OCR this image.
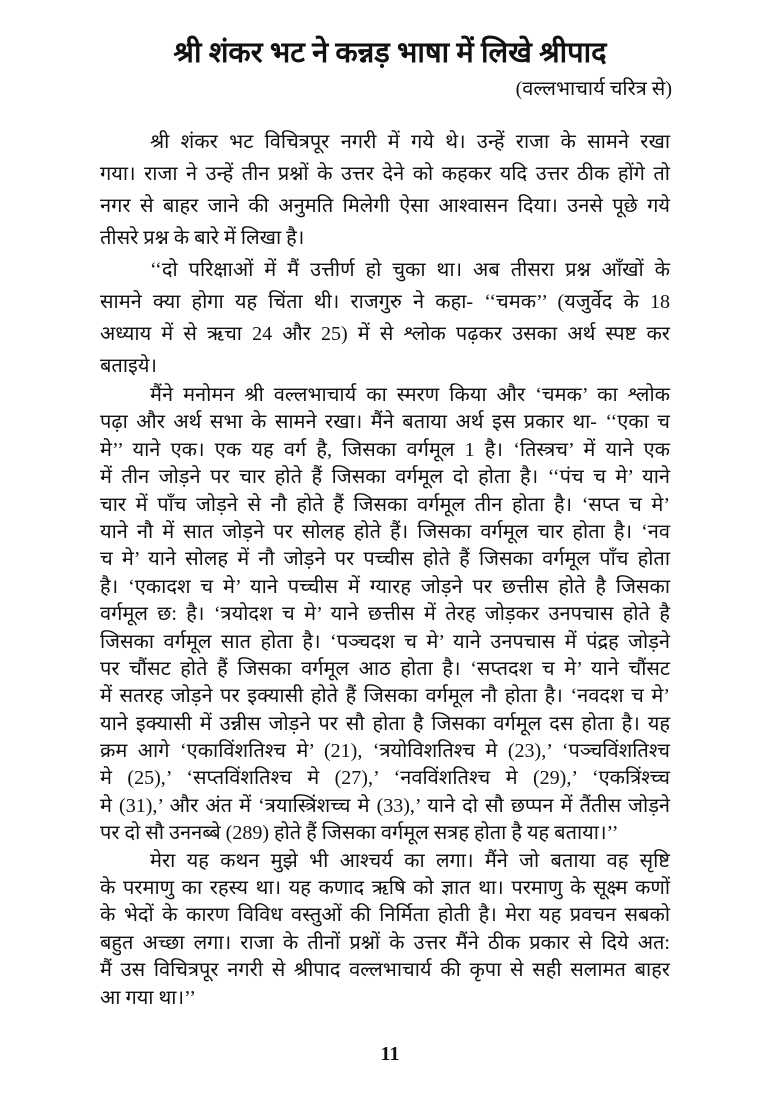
श्री शंकर भट ने कन्नड़ भाषा में लिखे श्रीपाद
(वल्लभाचार्य चरित्र से)
श्री शंकर भट विचित्रपूर नगरी में गये थे। उन्हें राजा के सामने रखा
गया। राजा ने उन्हें तीन प्रश्नों के उत्तर देने को कहकर यदि उत्तर ठीक होंगे तो
नगर से बाहर जाने की अनुमति मिलेगी ऐसा आश्वासन दिया। उनसे पूछे गये
तीसरे प्रश्न के बारे में लिखा है।
‘‘दो परिक्षाओं में मैं उत्तीर्ण हो चुका था। अब तीसरा प्रश्न आँखों के
सामने क्या होगा यह चिंता थी। राजगुरु ने कहा- ‘‘चमक’’ (यजुर्वेद के 18
अध्याय में से ऋचा 24 और 25) में से श्लोक पढ़कर उसका अर्थ स्पष्ट कर
बताइये।
मैंने मनोमन श्री वल्लभाचार्य का स्मरण किया और ‘चमक’ का श्लोक
पढ़ा और अर्थ सभा के सामने रखा। मैंने बताया अर्थ इस प्रकार था- ‘‘एका च
मे’’ याने एक। एक यह वर्ग है, जिसका वर्गमूल 1 है। ‘तिस्त्रच’ में याने एक
में तीन जोड़ने पर चार होते हैं जिसका वर्गमूल दो होता है। ‘‘पंच च मे’ याने
चार में पाँच जोड़ने से नौ होते हैं जिसका वर्गमूल तीन होता है। ‘सप्त च मे’
याने नौ में सात जोड़ने पर सोलह होते हैं। जिसका वर्गमूल चार होता है। ‘नव
च मे’ याने सोलह में नौ जोड़ने पर पच्चीस होते हैं जिसका वर्गमूल पाँच होता
है। ‘एकादश च मे’ याने पच्चीस में ग्यारह जोड़ने पर छत्तीस होते है जिसका
वर्गमूल छ: है। ‘त्रयोदश च मे’ याने छत्तीस में तेरह जोड़कर उनपचास होते है
जिसका वर्गमूल सात होता है। ‘पञ्चदश च मे’ याने उनपचास में पंद्रह जोड़ने
पर चौंसट होते हैं जिसका वर्गमूल आठ होता है। ‘सप्तदश च मे’ याने चौंसट
में सतरह जोड़ने पर इक्यासी होते हैं जिसका वर्गमूल नौ होता है। ‘नवदश च मे’
याने इक्यासी में उन्नीस जोड़ने पर सौ होता है जिसका वर्गमूल दस होता है। यह
क्रम आगे ‘एकाविंशतिश्च मे’ (21), ‘त्रयोविशतिश्च मे (23),’ ‘पञ्चविंशतिश्च
मे (25),’ ‘सप्तविंशतिश्च मे (27),’ ‘नवविंशतिश्च मे (29),’ ‘एकत्रिंश्च्च
मे (31),’ और अंत में ‘त्रयास्त्रिंशच्च मे (33),’ याने दो सौ छप्पन में तैंतीस जोड़ने
पर दो सौ उननब्बे (289) होते हैं जिसका वर्गमूल सत्रह होता है यह बताया।’’
मेरा यह कथन मुझे भी आश्चर्य का लगा। मैंने जो बताया वह सृष्टि
के परमाणु का रहस्य था। यह कणाद ऋषि को ज्ञात था। परमाणु के सूक्ष्म कणों
के भेदों के कारण विविध वस्तुओं की निर्मिता होती है। मेरा यह प्रवचन सबको
बहुत अच्छा लगा। राजा के तीनों प्रश्नों के उत्तर मैंने ठीक प्रकार से दिये अत:
मैं उस विचित्रपूर नगरी से श्रीपाद वल्लभाचार्य की कृपा से सही सलामत बाहर
आ गया था।’’
11
